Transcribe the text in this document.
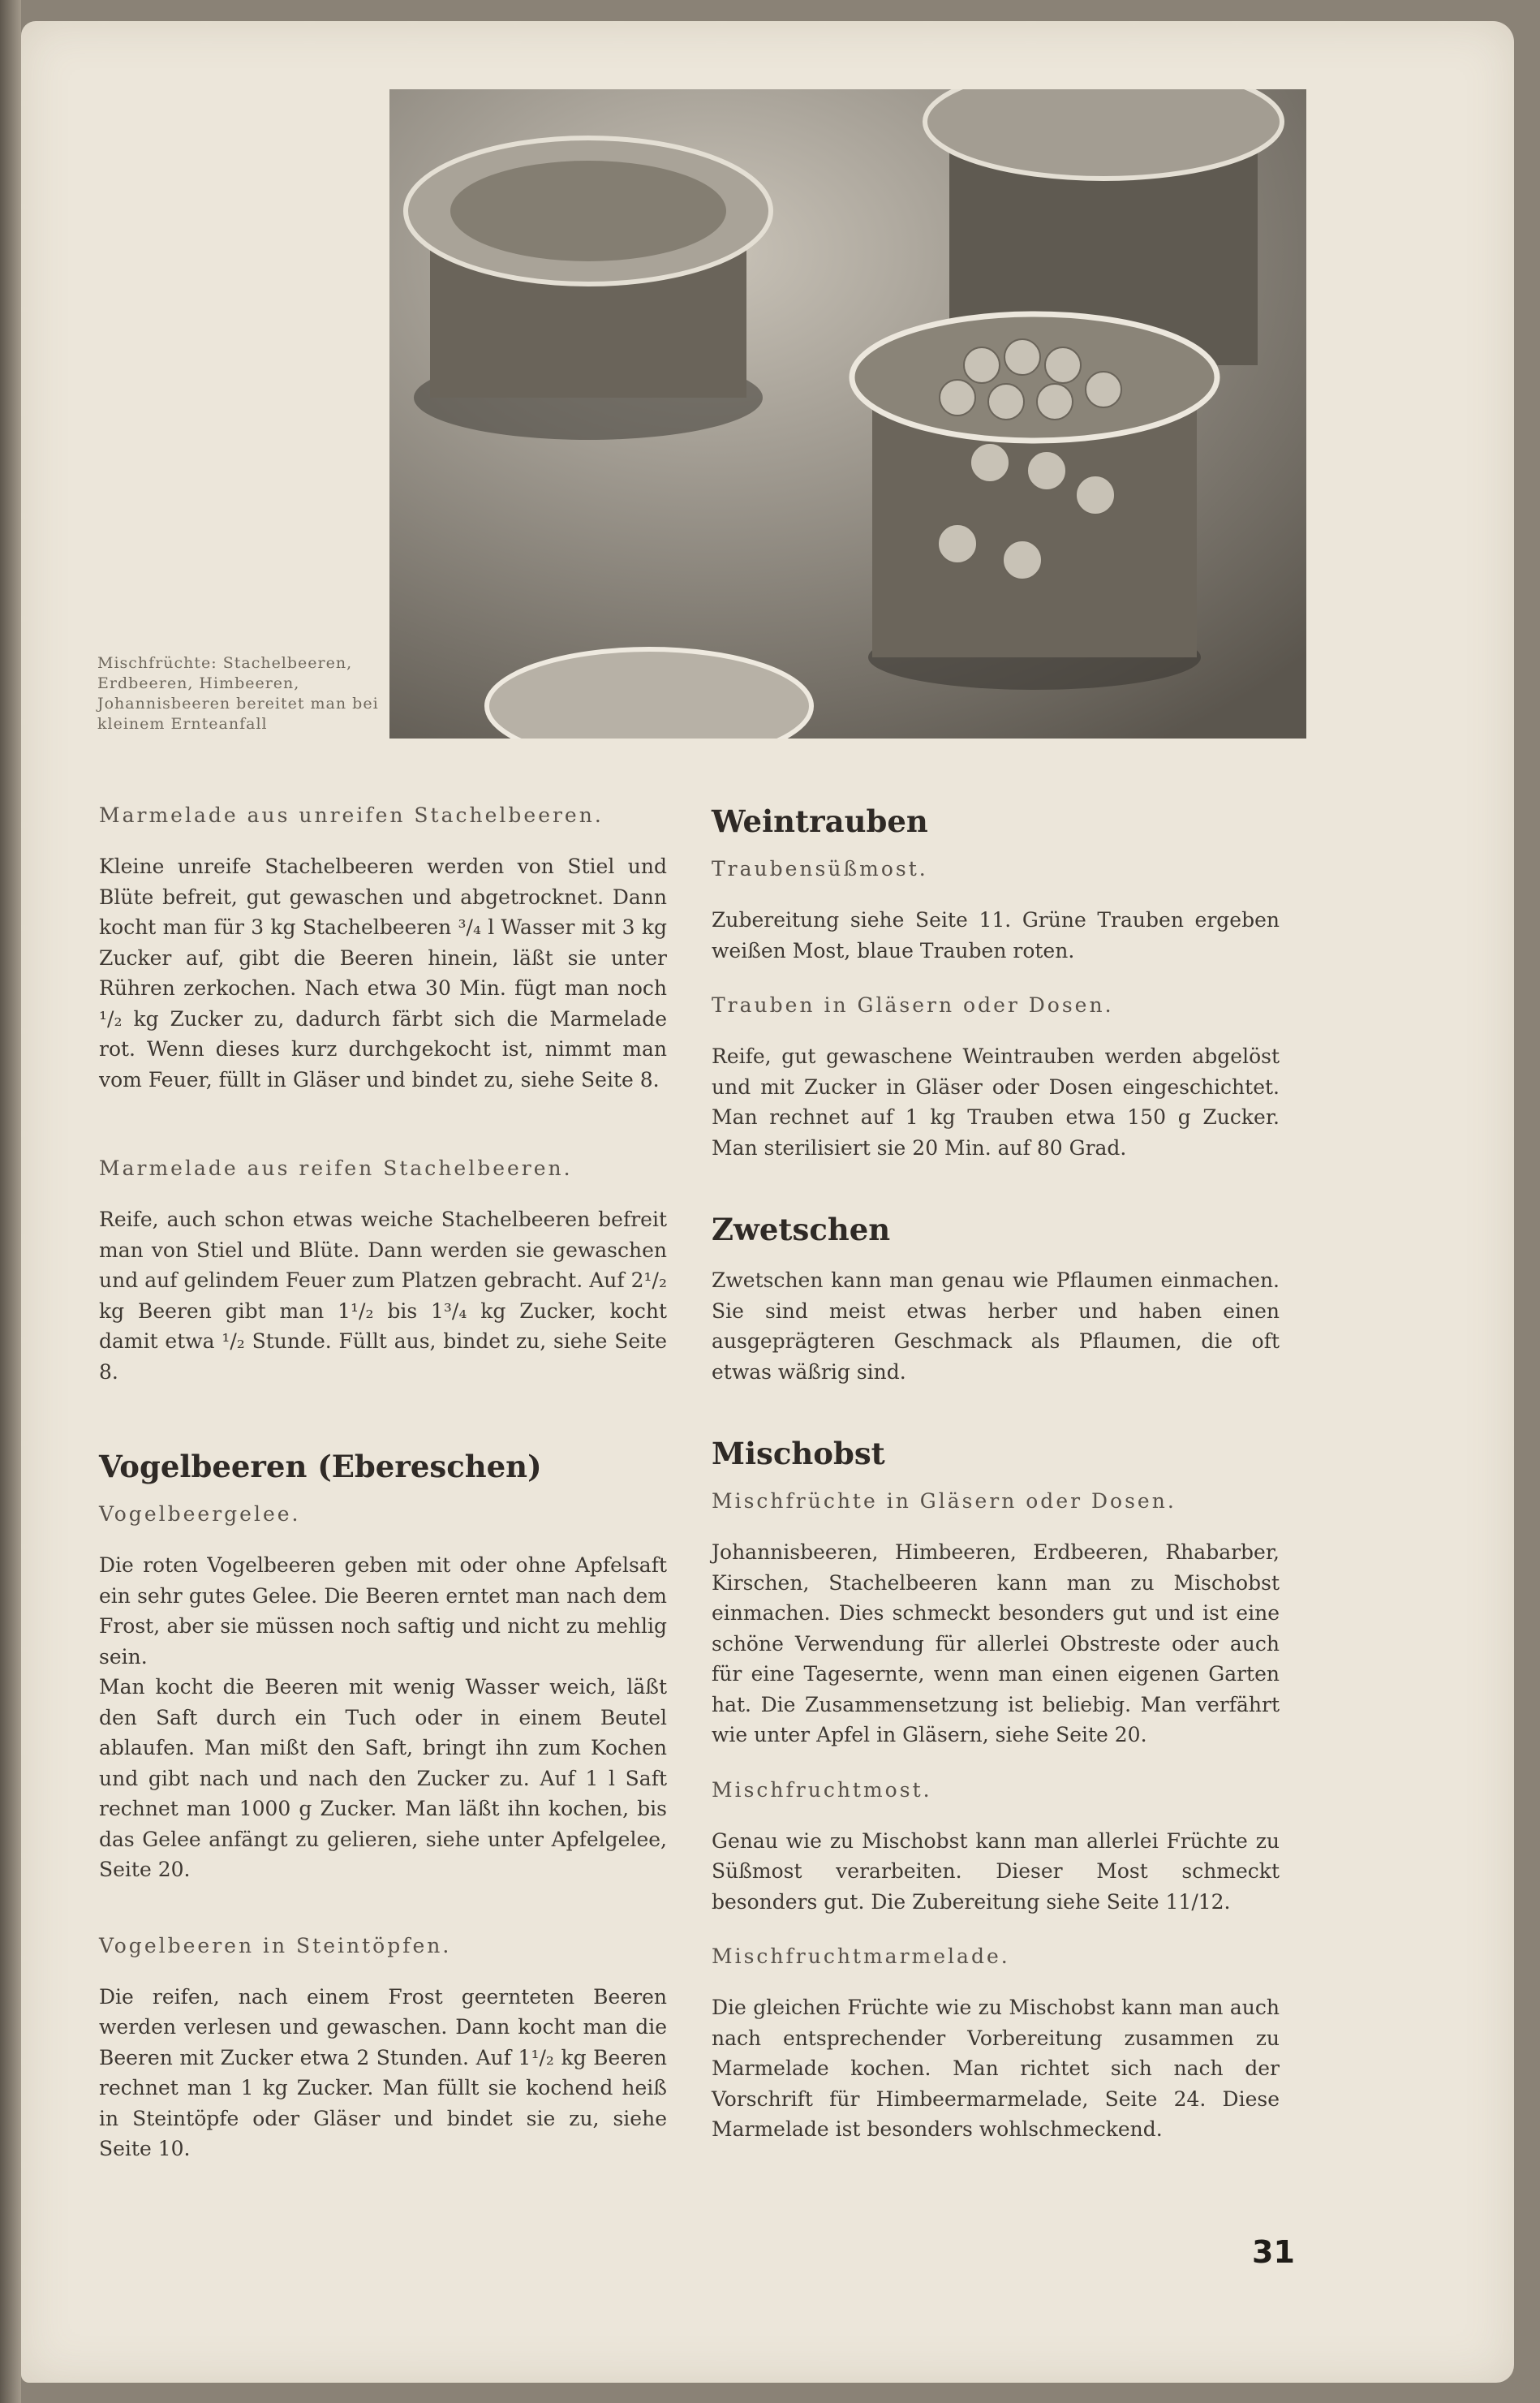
Mischfrüchte: Stachelbeeren, Erdbeeren, Himbeeren, Johannisbeeren bereitet man bei kleinem Ernteanfall
Marmelade aus unreifen Stachelbeeren.

Kleine unreife Stachelbeeren werden von Stiel und Blüte befreit, gut gewaschen und abgetrocknet. Dann kocht man für 3 kg Stachelbeeren ³/₄ l Wasser mit 3 kg Zucker auf, gibt die Beeren hinein, läßt sie unter Rühren zerkochen. Nach etwa 30 Min. fügt man noch ¹/₂ kg Zucker zu, dadurch färbt sich die Marmelade rot. Wenn dieses kurz durchgekocht ist, nimmt man vom Feuer, füllt in Gläser und bindet zu, siehe Seite 8.

Marmelade aus reifen Stachelbeeren.

Reife, auch schon etwas weiche Stachelbeeren befreit man von Stiel und Blüte. Dann werden sie gewaschen und auf gelindem Feuer zum Platzen gebracht. Auf 2¹/₂ kg Beeren gibt man 1¹/₂ bis 1³/₄ kg Zucker, kocht damit etwa ¹/₂ Stunde. Füllt aus, bindet zu, siehe Seite 8.

Vogelbeeren (Ebereschen)
Vogelbeergelee.

Die roten Vogelbeeren geben mit oder ohne Apfelsaft ein sehr gutes Gelee. Die Beeren erntet man nach dem Frost, aber sie müssen noch saftig und nicht zu mehlig sein.

Man kocht die Beeren mit wenig Wasser weich, läßt den Saft durch ein Tuch oder in einem Beutel ablaufen. Man mißt den Saft, bringt ihn zum Kochen und gibt nach und nach den Zucker zu. Auf 1 l Saft rechnet man 1000 g Zucker. Man läßt ihn kochen, bis das Gelee anfängt zu gelieren, siehe unter Apfelgelee, Seite 20.

Vogelbeeren in Steintöpfen.

Die reifen, nach einem Frost geernteten Beeren werden verlesen und gewaschen. Dann kocht man die Beeren mit Zucker etwa 2 Stunden. Auf 1¹/₂ kg Beeren rechnet man 1 kg Zucker. Man füllt sie kochend heiß in Steintöpfe oder Gläser und bindet sie zu, siehe Seite 10.

Weintrauben
Traubensüßmost.

Zubereitung siehe Seite 11. Grüne Trauben ergeben weißen Most, blaue Trauben roten.

Trauben in Gläsern oder Dosen.

Reife, gut gewaschene Weintrauben werden abgelöst und mit Zucker in Gläser oder Dosen eingeschichtet. Man rechnet auf 1 kg Trauben etwa 150 g Zucker. Man sterilisiert sie 20 Min. auf 80 Grad.

Zwetschen

Zwetschen kann man genau wie Pflaumen einmachen. Sie sind meist etwas herber und haben einen ausgeprägteren Geschmack als Pflaumen, die oft etwas wäßrig sind.

Mischobst
Mischfrüchte in Gläsern oder Dosen.

Johannisbeeren, Himbeeren, Erdbeeren, Rhabarber, Kirschen, Stachelbeeren kann man zu Mischobst einmachen. Dies schmeckt besonders gut und ist eine schöne Verwendung für allerlei Obstreste oder auch für eine Tagesernte, wenn man einen eigenen Garten hat. Die Zusammensetzung ist beliebig. Man verfährt wie unter Apfel in Gläsern, siehe Seite 20.

Mischfruchtmost.

Genau wie zu Mischobst kann man allerlei Früchte zu Süßmost verarbeiten. Dieser Most schmeckt besonders gut. Die Zubereitung siehe Seite 11/12.

Mischfruchtmarmelade.

Die gleichen Früchte wie zu Mischobst kann man auch nach entsprechender Vorbereitung zusammen zu Marmelade kochen. Man richtet sich nach der Vorschrift für Himbeermarmelade, Seite 24. Diese Marmelade ist besonders wohlschmeckend.

31
